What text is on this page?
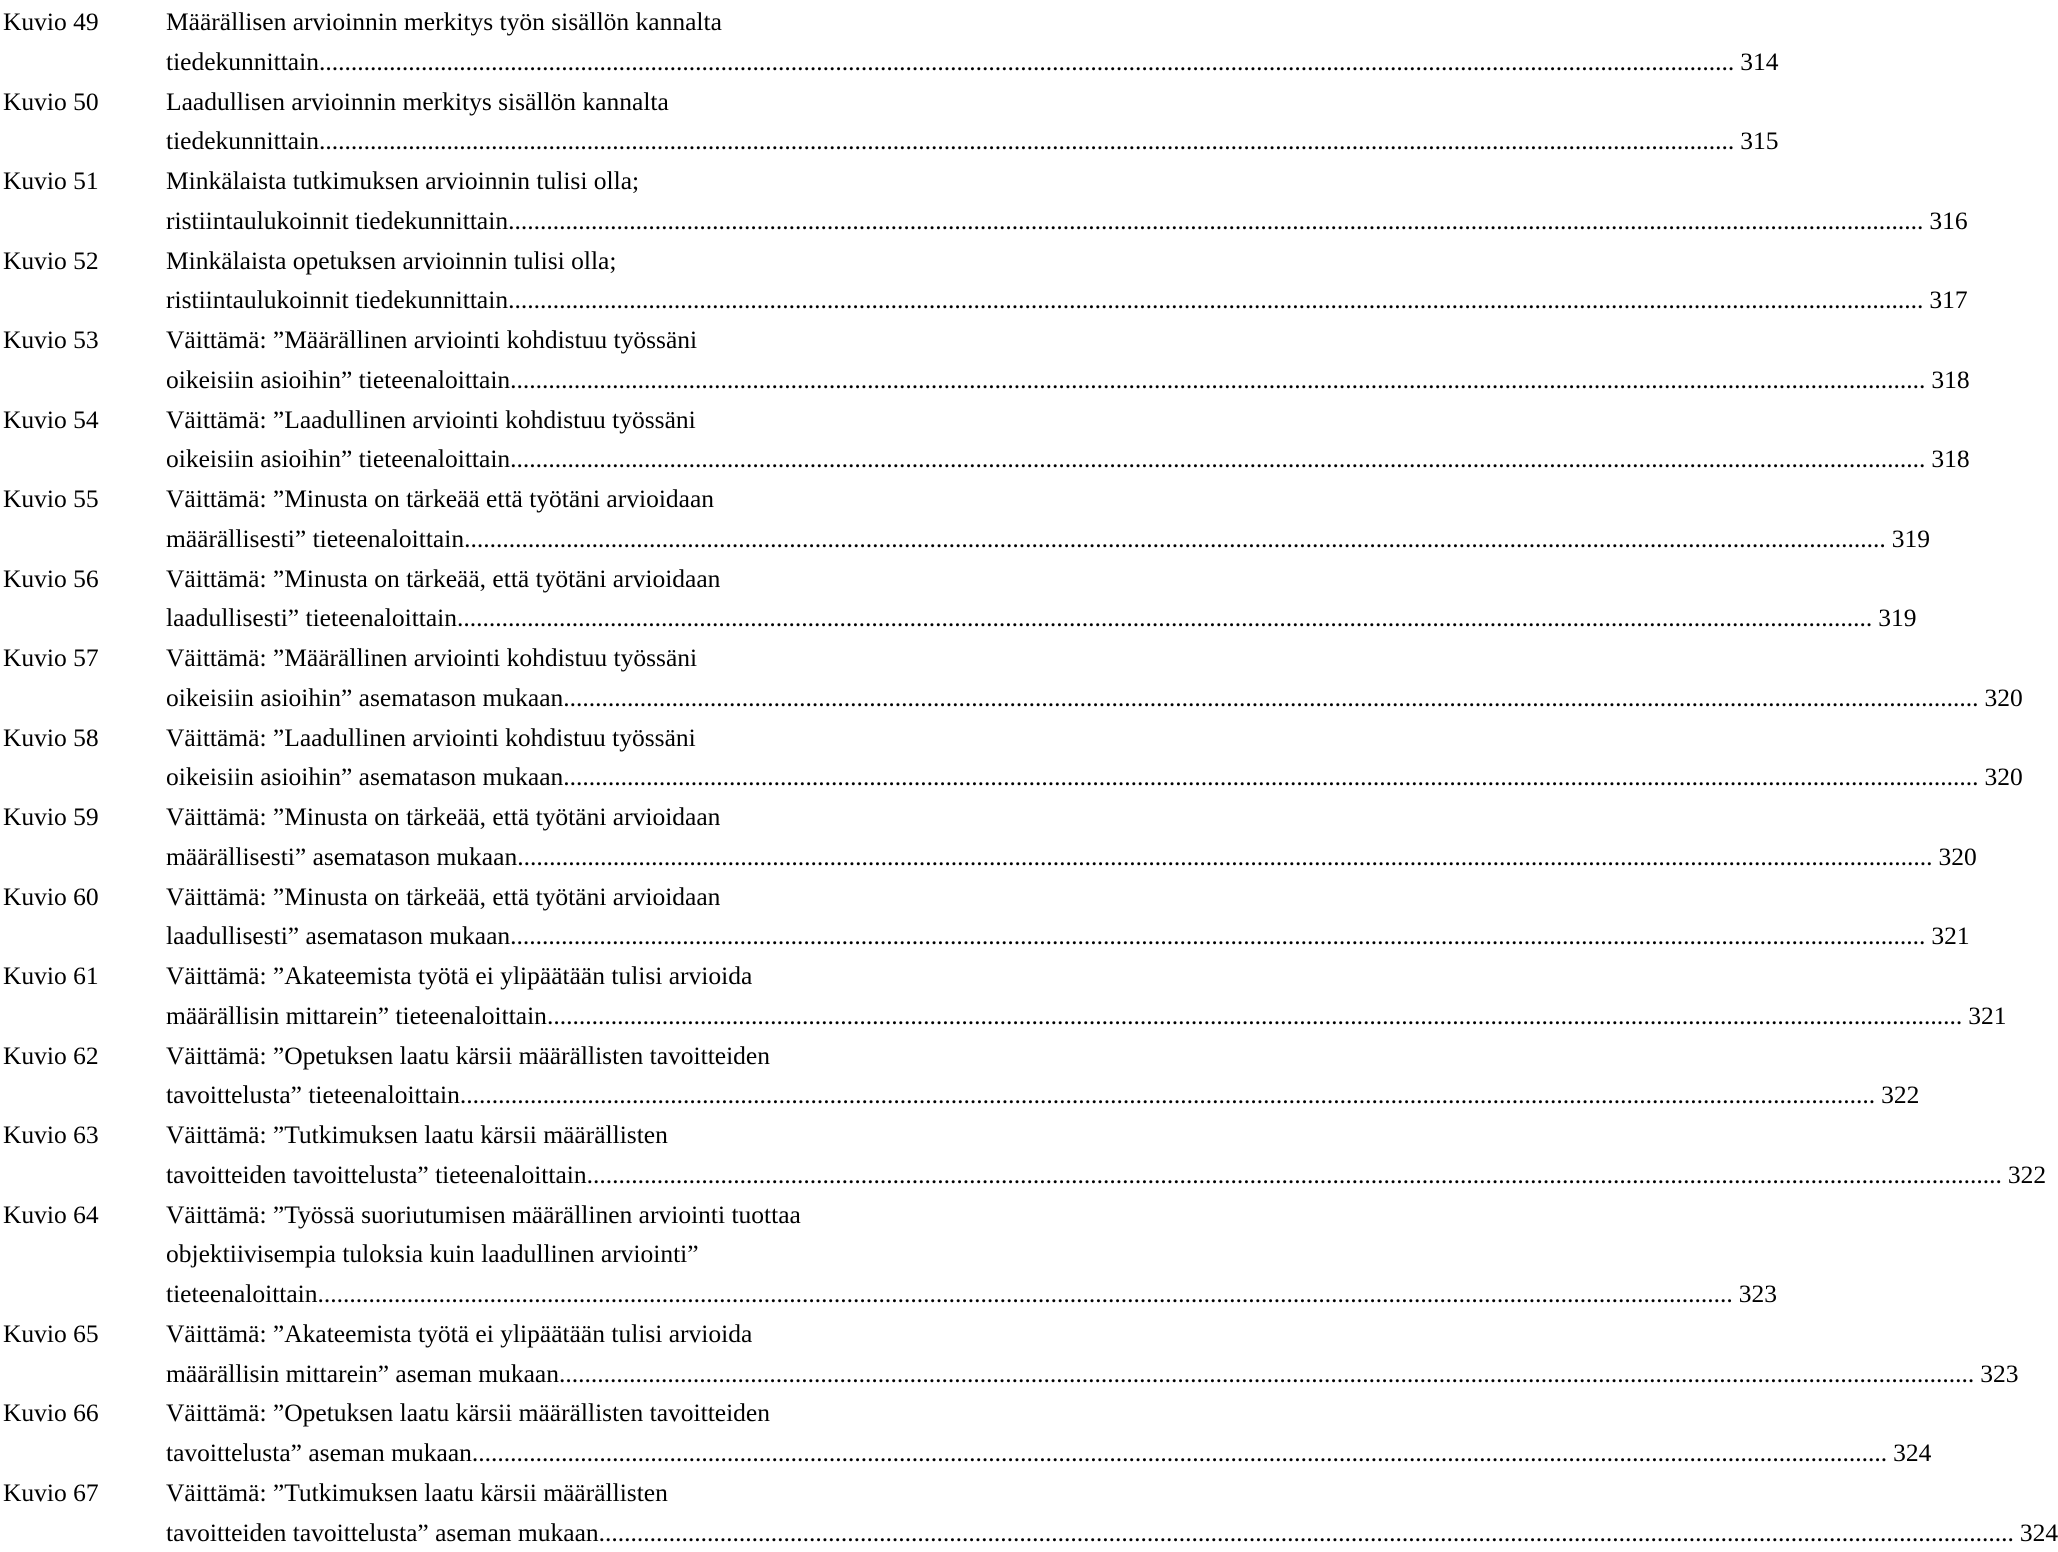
Kuvio 49	Määrällisen arvioinnin merkitys työn sisällön kannalta
tiedekunnittain .............................................................................................................................................................................................................................. 314
Kuvio 50	Laadullisen arvioinnin merkitys sisällön kannalta
tiedekunnittain .............................................................................................................................................................................................................................. 315
Kuvio 51	Minkälaista tutkimuksen arvioinnin tulisi olla;
ristiintaulukoinnit tiedekunnittain .............................................................................................................................................................................................................................. 316
Kuvio 52	Minkälaista opetuksen arvioinnin tulisi olla;
ristiintaulukoinnit tiedekunnittain .............................................................................................................................................................................................................................. 317
Kuvio 53	Väittämä: ”Määrällinen arviointi kohdistuu työssäni
oikeisiin asioihin” tieteenaloittain .............................................................................................................................................................................................................................. 318
Kuvio 54	Väittämä: ”Laadullinen arviointi kohdistuu työssäni
oikeisiin asioihin” tieteenaloittain .............................................................................................................................................................................................................................. 318
Kuvio 55	Väittämä: ”Minusta on tärkeää että työtäni arvioidaan
määrällisesti” tieteenaloittain. .............................................................................................................................................................................................................................. 319
Kuvio 56	Väittämä: ”Minusta on tärkeää, että työtäni arvioidaan
laadullisesti” tieteenaloittain .............................................................................................................................................................................................................................. 319
Kuvio 57	Väittämä: ”Määrällinen arviointi kohdistuu työssäni
oikeisiin asioihin” asematason mukaan .............................................................................................................................................................................................................................. 320
Kuvio 58	Väittämä: ”Laadullinen arviointi kohdistuu työssäni
oikeisiin asioihin” asematason mukaan .............................................................................................................................................................................................................................. 320
Kuvio 59	Väittämä: ”Minusta on tärkeää, että työtäni arvioidaan
määrällisesti” asematason mukaan .............................................................................................................................................................................................................................. 320
Kuvio 60	Väittämä: ”Minusta on tärkeää, että työtäni arvioidaan
laadullisesti” asematason mukaan .............................................................................................................................................................................................................................. 321
Kuvio 61	Väittämä: ”Akateemista työtä ei ylipäätään tulisi arvioida
määrällisin mittarein” tieteenaloittain .............................................................................................................................................................................................................................. 321
Kuvio 62	Väittämä: ”Opetuksen laatu kärsii määrällisten tavoitteiden
tavoittelusta” tieteenaloittain .............................................................................................................................................................................................................................. 322
Kuvio 63	Väittämä: ”Tutkimuksen laatu kärsii määrällisten
tavoitteiden tavoittelusta” tieteenaloittain .............................................................................................................................................................................................................................. 322
Kuvio 64	Väittämä: ”Työssä suoriutumisen määrällinen arviointi tuottaa
objektiivisempia tuloksia kuin laadullinen arviointi”
tieteenaloittain .............................................................................................................................................................................................................................. 323
Kuvio 65	Väittämä: ”Akateemista työtä ei ylipäätään tulisi arvioida
määrällisin mittarein” aseman mukaan .............................................................................................................................................................................................................................. 323
Kuvio 66	Väittämä: ”Opetuksen laatu kärsii määrällisten tavoitteiden
tavoittelusta” aseman mukaan .............................................................................................................................................................................................................................. 324
Kuvio 67	Väittämä: ”Tutkimuksen laatu kärsii määrällisten
tavoitteiden tavoittelusta” aseman mukaan .............................................................................................................................................................................................................................. 324
